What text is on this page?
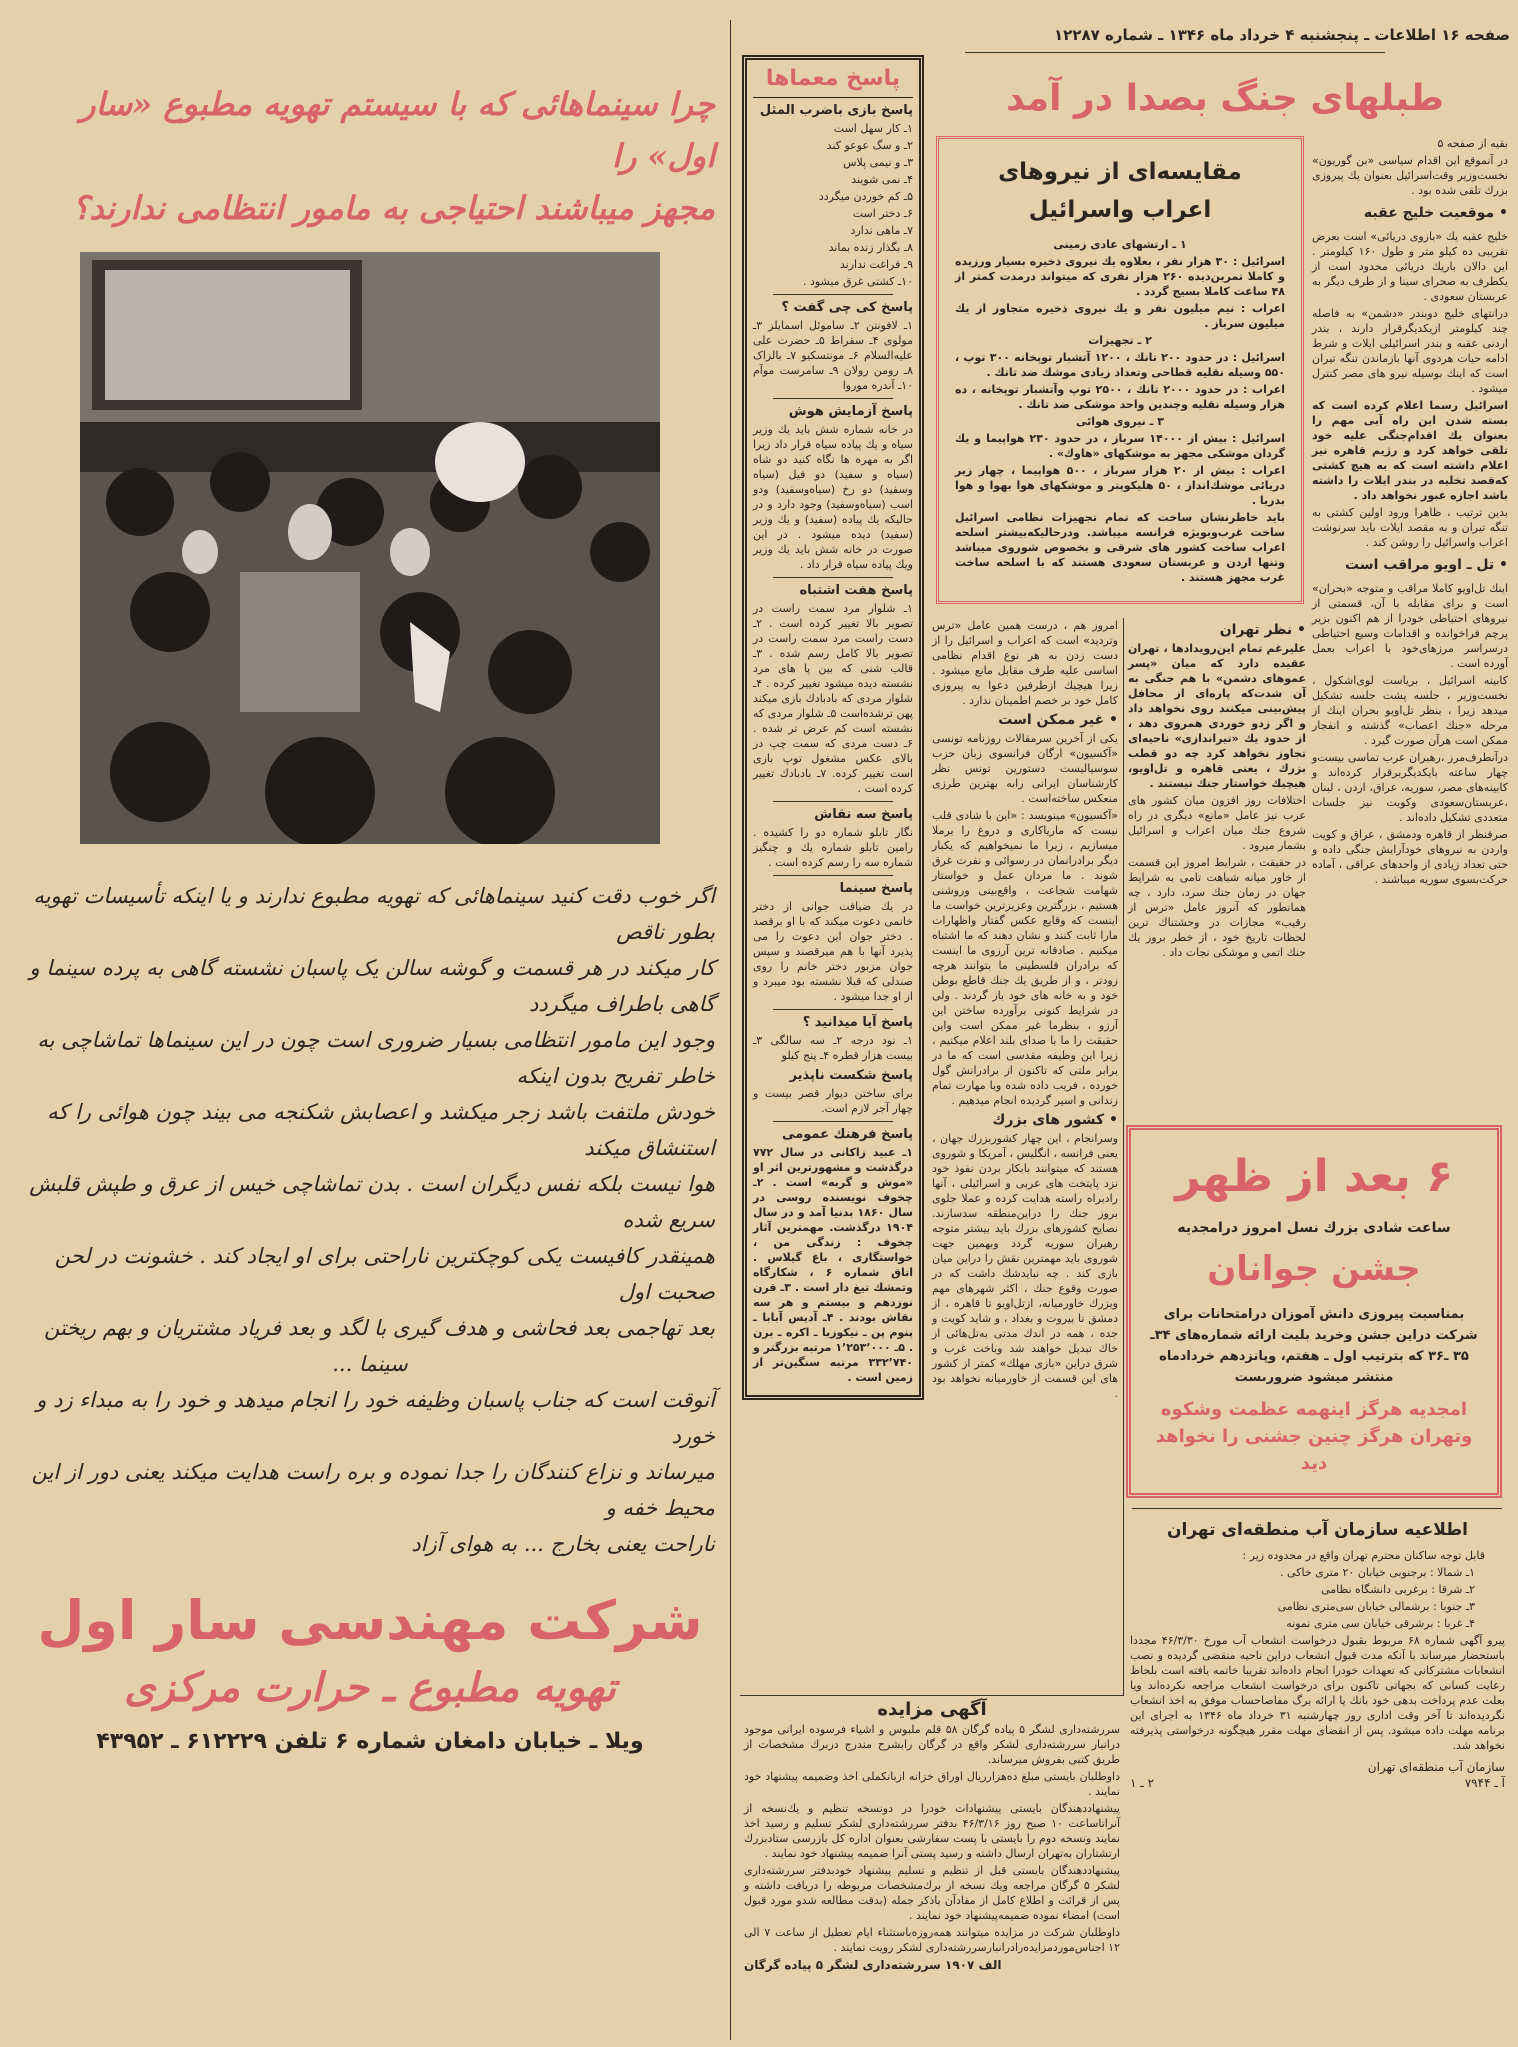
صفحه ۱۶ اطلاعات ـ پنجشنبه ۴ خرداد ماه ۱۳۴۶ ـ شماره ۱۲۲۸۷
طبلهای جنگ بصدا در آمد
چرا سینماهائی که با سیستم تهویه مطبوع «سار اول» را
مجهز میباشند احتیاجی به مامور انتظامی ندارند؟
اگر خوب دقت کنید سینماهائی که تهویه مطبوع ندارند و یا اینکه تأسیسات تهویه بطور ناقص
کار میکند در هر قسمت و گوشه سالن یک پاسبان نشسته گاهی به پرده سینما و گاهی باطراف میگردد
وجود این مامور انتظامی بسیار ضروری است چون در این سینماها تماشاچی به خاطر تفریح بدون اینکه
خودش ملتفت باشد زجر میکشد و اعصابش شکنجه می بیند چون هوائی را که استنشاق میکند
هوا نیست بلکه نفس دیگران است . بدن تماشاچی خیس از عرق و طپش قلبش سریع شده
همینقدر کافیست یکی کوچکترین ناراحتی برای او ایجاد کند . خشونت در لحن صحبت اول
بعد تهاجمی بعد فحاشی و هدف گیری با لگد و بعد فریاد مشتریان و بهم ریختن
سینما ...
آنوقت است که جناب پاسبان وظیفه خود را انجام میدهد و خود را به مبداء زد و خورد
میرساند و نزاع کنندگان را جدا نموده و بره راست هدایت میکند یعنی دور از این محیط خفه و
ناراحت یعنی بخارج ... به هوای آزاد
شرکت مهندسی سار اول
تهویه مطبوع ـ حرارت مرکزی
ویلا ـ خیابان دامغان شماره ۶ تلفن ۶۱۲۲۲۹ ـ ۴۳۹۵۲
پاسخ معماها
پاسخ بازی باضرب المثل
۱ـ کار سهل است
۲ـ و سگ عوعو کند
۳ـ و نیمی پلاس
۴ـ نمی شویند
۵ـ کم خوردن میگردد
۶ـ دختر است
۷ـ ماهی ندارد
۸ـ بگذار زنده بماند
۹ـ فراغت ندارند
۱۰ـ کشتی غرق میشود .
پاسخ کی چی گفت ؟
۱ـ لافونتن ۲ـ ساموئل اسمایلز ۳ـ مولوی ۴ـ سقراط ۵ـ حضرت علی علیه‌السلام ۶ـ مونتسکیو ۷ـ بالزاک ۸ـ رومن رولان ۹ـ سامرست موآم ۱۰ـ آندره موروا
پاسخ آزمایش هوش
در خانه شماره شش باید یك وزیر سیاه و یك پیاده سیاه قرار داد زیرا اگر به مهره ها نگاه کنید دو شاه (سیاه و سفید) دو فیل (سیاه وسفید) دو رخ (سیاه‌وسفید) ودو اسب (سیاه‌وسفید) وجود دارد و در حالیکه یك پیاده (سفید) و یك وزیر (سفید) دیده میشود . در این صورت در خانه شش باید یك وزیر ویك پیاده سیاه قرار داد .
پاسخ هفت اشتباه
۱ـ شلوار مرد سمت راست در تصویر بالا تغییر کرده است . ۲ـ دست راست مرد سمت راست در تصویر بالا کامل رسم شده . ۳ـ قالب شنی که بین پا های مرد نشسته دیده میشود تغییر کرده . ۴ـ شلوار مردی که بادبادك بازی میکند پهن ترشده‌است ۵ـ شلوار مردی که نشسته است کم عرض تر شده . ۶ـ دست مردی که سمت چپ در بالای عکس مشغول توپ بازی است تغییر کرده. ۷ـ بادبادك تغییر کرده است .
پاسخ سه نقاش
نگار تابلو شماره دو را کشیده . رامین تابلو شماره یك و چنگیز شماره سه را رسم کرده است .
پاسخ سینما
در یك ضیافت جوانی از دختر خانمی دعوت میکند که با او برقصد . دختر جوان این دعوت را می پذیرد آنها با هم میرقصند و سپس جوان مزبور دختر خانم را روی صندلی که قبلا نشسته بود میبرد و از او جدا میشود .
پاسخ آیا میدانید ؟
۱ـ نود درجه ۲ـ سه سالگی ۳ـ بیست هزار قطره ۴ـ پنج کیلو
پاسخ شکست ناپذیر
برای ساختن دیوار قصر بیست و چهار آجر لازم است.
پاسخ فرهنك عمومی
۱ـ عبید زاکانی در سال ۷۷۲ درگذشت و مشهورترین اثر او «موش و گربه» است . ۲ـ چخوف نویسنده روسی در سال ۱۸۶۰ بدنیا آمد و در سال ۱۹۰۴ درگذشت. مهمترین آثار چخوف : زندگی من ، خواستگاری ، باغ گیلاس . اتاق شماره ۶ ، شکارگاه وتمشك تیغ دار است . ۳ـ قرن نوزدهم و بیستم و هر سه نقاش بودند . ۴ـ آدیس آبابا ـ پنوم پن ـ نیکوزیا ـ اکره ـ برن . ۵ـ ۱٬۲۵۳٬۰۰۰ مرتبه بزرگتر و ۳۳۲٬۷۴۰ مرتبه سنگین‌تر از زمین است .
مقایسه‌ای از نیروهای
اعراب واسرائیل
۱ ـ ارتشهای عادی زمینی
اسرائیل : ۳۰ هزار نفر ، بعلاوه یك نیروی ذخیره بسیار ورزیده و کاملا تمرین‌دیده ۲۶۰ هزار نفری که میتواند درمدت کمتر از ۴۸ ساعت کاملا بسیج گردد .
اعراب : نیم میلیون نفر و یك نیروی ذخیره متجاوز از یك میلیون سرباز .
۲ ـ تجهیزات
اسرائیل : در حدود ۲۰۰ تانك ، ۱۲۰۰ آتشبار توپخانه ۳۰۰ توپ ، ۵۵۰ وسیله نقلیه قطاحی وتعداد زیادی موشك ضد تانك .
اعراب : در حدود ۲۰۰۰ تانك ، ۲۵۰۰ توپ وآتشبار توپخانه ، ده هزار وسیله نقلیه وچندین واحد موشکی ضد تانك .
۳ ـ نیروی هوائی
اسرائیل : بیش از ۱۴۰۰۰ سرباز ، در حدود ۲۳۰ هواپیما و یك گردان موشکی مجهز به موشکهای «هاوك» .
اعراب : بیش از ۲۰ هزار سرباز ، ۵۰۰ هواپیما ، چهار زیر دریائی موشك‌انداز ، ۵۰ هلیکوپتر و موشکهای هوا بهوا و هوا بدریا .
باید خاطرنشان ساخت که تمام تجهیزات نظامی اسرائیل ساخت غرب‌وبویژه فرانسه میباشد. ودرحالیکه‌بیشتر اسلحه اعراب ساخت کشور های شرقی و بخصوص شوروی میباشد وتنها اردن و عربستان سعودی هستند که با اسلحه ساخت غرب مجهز هستند .
بقیه از صفحه ۵
در آنموقع این اقدام سیاسی «بن گوریون» نخست‌وزیر وقت‌اسرائیل بعنوان یك پیروزی بزرك تلقی شده بود .
• موقعیت خلیج عقبه
خلیج عقبه یك «بازوی دریائی» است بعرض تقریبی ده کیلو متر و طول ۱۶۰ کیلومتر . این دالان باریك دریائی محدود است از یکطرف به صحرای سینا و از طرف دیگر به عربستان سعودی .
درانتهای خلیج دوبندر «دشمن» به فاصله چند کیلومتر ازیکدیگرقرار دارند ، بندر اردنی عقبه و بندر اسرائیلی ایلات و شرط ادامه حیات هردوی آنها بازماندن تنگه تیران است که اینك بوسیله نیرو های مصر کنترل میشود .
اسرائیل رسما اعلام کرده است که بسته شدن این راه آبی مهم را بعنوان یك اقدام‌جنگی علیه خود تلقی خواهد کرد و رژیم قاهره نیز اعلام داشته است که به هیچ کشتی که‌قصد تخلیه در بندر ایلات را داشته باشد اجازه عبور نخواهد داد .
بدین ترتیب ، ظاهرا ورود اولین کشتی به تنگه تیران و به مقصد ایلات باید سرنوشت اعراب واسرائیل را روشن کند .
• تل ـ اویو مراقب است
اینك تل‌اویو کاملا مراقب و متوجه «بحران» است و برای مقابله با آن، قسمتی از نیروهای احتیاطی خودرا از هم اکنون بزیر پرچم فراخوانده و اقدامات وسیع احتیاطی درسراسر مرزهای‌خود با اعراب بعمل آورده است .
کابینه اسرائیل ، بریاست لوی‌اشکول ، نخست‌وزیر ، جلسه پشت جلسه تشکیل میدهد زیرا ، بنظر تل‌اویو بحران اینك از مرحله «جنك اعصاب» گذشته و انفجار ممکن است هرآن صورت گیرد .
درآنطرف‌مرز ،رهبران عرب تماسی بیست‌و چهار ساعته بایکدیگربرقرار کرده‌اند و کابینه‌های مصر، سوریه، عراق، اردن ، لبنان ،عربستان‌سعودی وکویت نیز جلسات متعددی تشکیل داده‌اند .
صرفنظر از قاهره ودمشق ، عراق و کویت واردن به نیروهای خودآرایش جنگی داده و حتی تعداد زیادی از واحدهای عراقی ، آماده حرکت‌بسوی سوریه میباشند .
• نظر تهران
علیرغم تمام این‌رویدادها ، تهران عقیده دارد که میان «پسر عموهای دشمن» با هم جنگی به آن شدت‌که پاره‌ای از محافل پیش‌بینی میکنند روی نخواهد داد و اگر زدو خوردی همروی دهد ، از حدود یك «تیراندازی» ناحیه‌ای تجاوز نخواهد کرد چه دو قطب بزرك ، یعنی قاهره و تل‌اویو، هیچیك خواستار جنك نیستند .
اختلافات روز افزون میان کشور های عرب نیز عامل «مانع» دیگری در راه شروع جنك میان اعراب و اسرائیل بشمار میرود .
در حقیقت ، شرایط امروز این قسمت از خاور میانه شباهت تامی به شرایط جهان در زمان جنك سرد، دارد ، چه همانطور که آنروز عامل «ترس از رقیب» مجازات در وحشتناك ترین لحظات تاریخ خود ، از خطر بروز یك جنك اتمی و موشکی نجات داد .
امروز هم ، درست همین عامل «ترس وتردید» است که اعراب و اسرائیل را از دست زدن به هر نوع اقدام نظامی اساسی علیه طرف مقابل مانع میشود . زیرا هیچیك ازطرفین دعوا به پیروزی کامل خود بر خصم اطمینان ندارد .
• غیر ممکن است
یکی از آخرین سرمقالات روزنامه تونسی «آکسیون» ارگان فرانسوی زبان حزب سوسیالیست دستورین تونس نظر کارشناسان ایرانی رابه بهترین طرزی منعکس ساخته‌است .
«آکسیون» مینویسد : «این با شادی قلب نیست که ماریاکاری و دروغ را برملا میسازیم ، زیرا ما نمیخواهیم که یکبار دیگر برادرانمان در رسوائی و نفرت غرق شوند . ما مردان عمل و خواستار شهامت شجاعت ، واقع‌بینی وروشنی هستیم ، بزرگترین وعزیزترین خواست ما اینست که وقایع عکس گفتار واظهارات مارا ثابت کنند و نشان دهند که ما اشتباه میکنیم . صادقانه ترین آرزوی ما اینست که برادران فلسطینی ما بتوانند هرچه زودتر ، و از طریق یك جنك قاطع بوطن خود و به خانه های خود باز گردند . ولی در شرایط کنونی برآورده ساختن این آرزو ، بنظرما غیر ممکن است واین حقیقت را ما با صدای بلند اعلام میکنیم ، زیرا این وظیفه مقدسی است که ما در برابر ملتی که تاکنون از برادرانش گول خورده ، فریب داده شده وبا مهارت تمام زندانی و اسیر گردیده انجام میدهیم .
• کشور های بزرك
وسرانجام ، این چهار کشوربزرك جهان ، یعنی فرانسه ، انگلیس ، آمریکا و شوروی هستند که میتوانند بابکار بردن نفوذ خود نزد پایتخت های عربی و اسرائیلی ، آنها رادبراه راسته هدایت کرده و عملا جلوی بروز جنك را دراین‌منطقه سدسازند. نصایح کشورهای بزرك باید بیشتر متوجه رهبران سوریه گردد وبهمین جهت شوروی باید مهمترین نقش را دراین میان بازی کند . چه نبایدشك داشت که در صورت وقوع جنك ، اکثر شهرهای مهم وبزرك خاورمیانه، ازتل‌اویو تا قاهره ، از دمشق تا بیروت و بغداد ، و شاید کویت و جده ، همه در اندك مدتی به‌تل‌هائی از خاك تبدیل خواهند شد وباخت غرب و شرق دراین «بازی مهلك» کمتر از کشور های این قسمت از خاورمیانه نخواهد بود .
۶ بعد از ظهر
ساعت شادی بزرك نسل امروز درامجدیه
جشن جوانان
بمناسبت پیروزی دانش آموزان درامتحانات برای شرکت دراین جشن وخرید بلیت ارائه شماره‌های ۳۴ـ ۳۵ ـ۳۶ که بترتیب اول ـ هفتم، وپانزدهم خردادماه منتشر میشود ضرورىست
امجدیه هرگز اینهمه عظمت وشکوه وتهران هرگز چنین جشنی را نخواهد دید
اطلاعیه سازمان آب منطقه‌ای تهران
قابل توجه ساکنان محترم تهران واقع در محدوده زیر :
۱ـ شمالا : برجنوبی خیابان ۲۰ متری خاکی .
۲ـ شرقا : برغربی دانشگاه نظامی
۳ـ جنوبا : برشمالی خیابان سی‌متری نظامی
۴ـ غربا : برشرقی خیابان سی متری نمونه
پیرو آگهی شماره ۶۸ مربوط بقبول درخواست انشعاب آب مورخ ۴۶/۳/۳۰ مجددا باستحضار میرساند با آنکه مدت قبول انشعاب دراین ناحیه منقضی گردیده و نصب انشعابات مشترکانی که تعهدات خودرا انجام داده‌اند تقریبا خاتمه یافته است بلحاظ رعایت کسانی که بجهاتی تاکنون برای درخواست انشعاب مراجعه نکرده‌اند ویا بعلت عدم پرداخت بدهی خود بانك یا ارائه برگ مفاصاحساب موفق به اخذ انشعاب نگردیده‌اند تا آخر وقت اداری روز چهارشنبه ۳۱ خرداد ماه ۱۳۴۶ به اجرای این برنامه مهلت داده میشود. پس از انقضای مهلت مقرر هیچگونه درخواستی پذیرفته نخواهد شد.
سازمان آب منطقه‌ای تهران
آ ـ ۷۹۴۴
۲ ـ ۱
آگهی مزایده
سررشته‌داری لشگر ۵ پیاده گرگان ۵۸ قلم ملبوس و اشیاء فرسوده ایرانی موجود درانبار سررشته‌داری لشکر واقع در گرگان رابشرح مندرج دربرك مشخصات از طریق کتبی بفروش میرساند.
داوطلبان بایستی مبلغ ده‌هزارریال اوراق خزانه ازبانکملی اخذ وضمیمه پیشنهاد خود نمایند .
پیشنهاددهندگان بایستی پیشنهادات خودرا در دونسخه تنظیم و یك‌نسخه از آنراتاساعت ۱۰ صبح روز ۴۶/۳/۱۶ بدفتر سررشته‌داری لشکر تسلیم و رسید اخذ نمایند ونسخه دوم را بایستی با پست سفارشی بعنوان اداره کل بازرسی ستادبزرك ارتشتاران به‌تهران ارسال داشته و رسید پستی آنرا ضمیمه پیشنهاد خود نمایند .
پیشنهاددهندگان بایستی قبل از تنظیم و تسلیم پیشنهاد خودبدفتر سررشته‌داری لشکر ۵ گرگان مراجعه ویك نسخه از برك‌مشخصات مربوطه را دریافت داشته و پس از قرائت و اطلاع کامل از مفادآن باذکر جمله (بدقت مطالعه شدو مورد قبول است) امضاء نموده ضمیمه‌پیشنهاد خود نمایند .
داوطلبان شرکت در مزایده میتوانند همه‌روزه‌باستثناء ایام تعطیل از ساعت ۷ الی ۱۲ اجناس‌موردمزایده‌رادرانبارسررشته‌داری لشکر رویت نمایند .
الف ۱۹۰۷ سررشته‌داری لشگر ۵ پیاده گرگان
